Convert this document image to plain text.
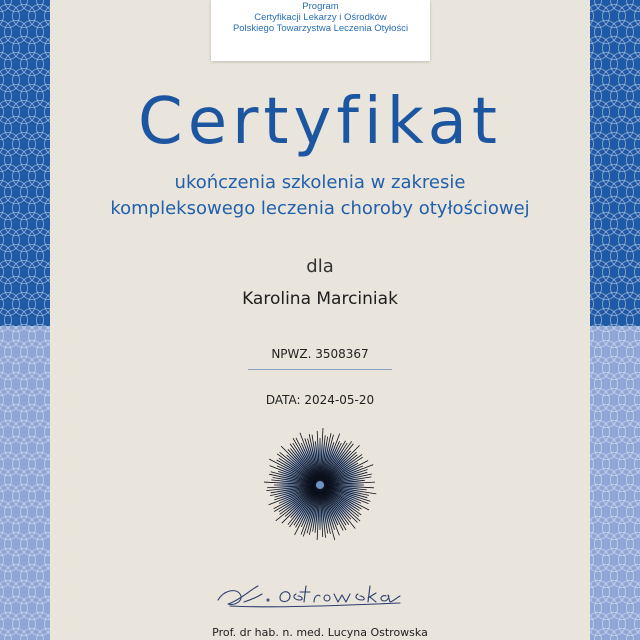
Program
Certyfikacji Lekarzy i Ośrodków
Polskiego Towarzystwa Leczenia Otyłości
Certyfikat
ukończenia szkolenia w zakresie
kompleksowego leczenia choroby otyłościowej
dla
Karolina Marciniak
NPWZ. 3508367
DATA: 2024-05-20
Prof. dr hab. n. med. Lucyna Ostrowska
